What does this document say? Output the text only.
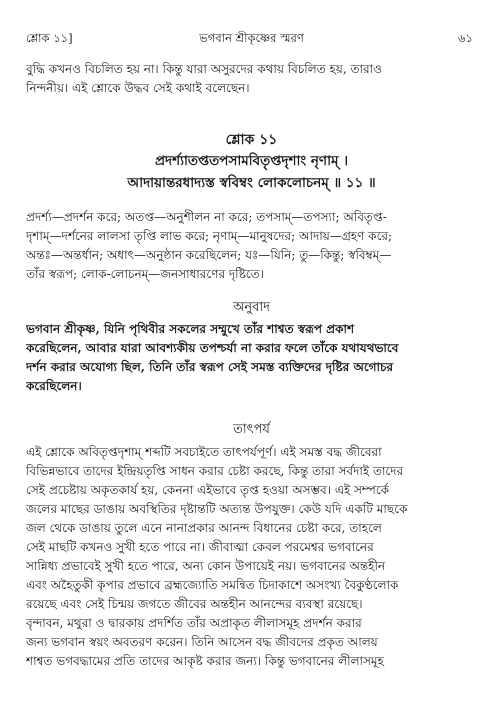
শ্লোক ১১]	ভগবান শ্রীকৃষ্ণের স্মরণ	৬১
বুদ্ধি কখনও বিচলিত হয় না। কিন্তু যারা অসুরদের কথায় বিচলিত হয়, তারাও
নিন্দনীয়। এই শ্লোকে উদ্ধব সেই কথাই বলেছেন।
শ্লোক ১১
প্রদর্শ্যাতপ্ততপসামবিতৃপ্তদৃশাং নৃণাম্ ।
আদায়ান্তরধাদ্যস্ত স্ববিম্বং লোকলোচনম্ ॥ ১১ ॥
প্রদর্শ্য—প্রদর্শন করে; অতপ্ত—অনুশীলন না করে; তপসাম্—তপস্যা; অবিতৃপ্ত-
দৃশাম্—দর্শনের লালসা তৃপ্তি লাভ করে; নৃণাম্—মানুষদের; আদায়—গ্রহণ করে;
অন্তঃ—অন্তর্ধান; অধাৎ—অনুষ্ঠান করেছিলেন; যঃ—যিনি; তু—কিন্তু; স্ববিম্বম্—
তাঁর স্বরূপ; লোক-লোচনম্—জনসাধারণের দৃষ্টিতে।
অনুবাদ
ভগবান শ্রীকৃষ্ণ, যিনি পৃথিবীর সকলের সম্মুখে তাঁর শাশ্বত স্বরূপ প্রকাশ
করেছিলেন, আবার যারা আবশ্যকীয় তপশ্চর্যা না করার ফলে তাঁকে যথাযথভাবে
দর্শন করার অযোগ্য ছিল, তিনি তাঁর স্বরূপ সেই সমস্ত ব্যক্তিদের দৃষ্টির অগোচর
করেছিলেন।
তাৎপর্য
এই শ্লোকে অবিতৃপ্তদৃশাম্ শব্দটি সবচাইতে তাৎপর্যপূর্ণ। এই সমস্ত বদ্ধ জীবেরা
বিভিন্নভাবে তাদের ইন্দ্রিয়তৃপ্তি সাধন করার চেষ্টা করছে, কিন্তু তারা সর্বদাই তাদের
সেই প্রচেষ্টায় অকৃতকার্য হয়, কেননা এইভাবে তৃপ্ত হওয়া অসম্ভব। এই সম্পর্কে
জলের মাছের ডাঙায় অবস্থিতির দৃষ্টান্তটি অত্যন্ত উপযুক্ত। কেউ যদি একটি মাছকে
জল থেকে ডাঙায় তুলে এনে নানাপ্রকার আনন্দ বিধানের চেষ্টা করে, তাহলে
সেই মাছটি কখনও সুখী হতে পারে না। জীবাত্মা কেবল পরমেশ্বর ভগবানের
সান্নিধ্য প্রভাবেই সুখী হতে পারে, অন্য কোন উপায়েই নয়। ভগবানের অন্তহীন
এবং অহৈতুকী কৃপার প্রভাবে ব্রহ্মজ্যোতি সমন্বিত চিদাকাশে অসংখ্য বৈকুণ্ঠলোক
রয়েছে এবং সেই চিন্ময় জগতে জীবের অন্তহীন আনন্দের ব্যবস্থা রয়েছে।
বৃন্দাবন, মথুরা ও দ্বারকায় প্রদর্শিত তাঁর অপ্রাকৃত লীলাসমূহ প্রদর্শন করার
জন্য ভগবান স্বয়ং অবতরণ করেন। তিনি আসেন বদ্ধ জীবদের প্রকৃত আলয়
শাশ্বত ভগবদ্ধামের প্রতি তাদের আকৃষ্ট করার জন্য। কিন্তু ভগবানের লীলাসমূহ
